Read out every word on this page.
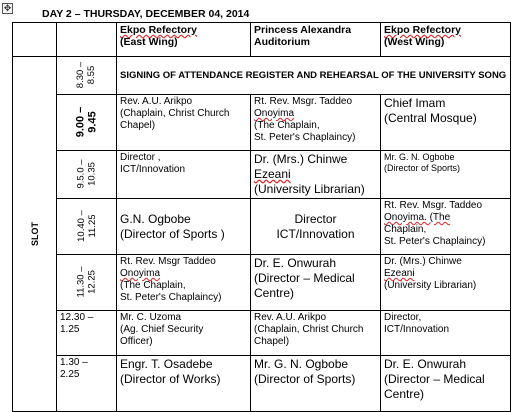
✥	DAY 2 – THURSDAY, DECEMBER 04, 2014

		Ekpo Refectory
(East Wing)	Princess Alexandra
Auditorium	Ekpo Refectory
(West Wing)

SLOT	8.30 – 8.55	SIGNING OF ATTENDANCE REGISTER AND REHEARSAL OF THE UNIVERSITY SONG		

	9.00 – 9.45	Rev. A.U. Arikpo
(Chaplain, Christ Church
Chapel)	Rt. Rev. Msgr. Taddeo
Onoyima
(The Chaplain,
St. Peter's Chaplaincy)	Chief Imam
(Central Mosque)

	9.5.0 – 10.35	Director ,
ICT/Innovation	Dr. (Mrs.) Chinwe
Ezeani
(University Librarian)	Mr. G. N. Ogbobe
(Director of Sports)

	10.40 – 11.25	G.N. Ogbobe
(Director of Sports )	Director
ICT/Innovation	Rt. Rev. Msgr. Taddeo
Onoyima. (The
Chaplain,
St. Peter's Chaplaincy)

	11.30 – 12.25	Rt. Rev. Msgr Taddeo
Onoyima
(The Chaplain,
St. Peter's Chaplaincy)	Dr. E. Onwurah
(Director – Medical
Centre)	Dr. (Mrs.) Chinwe
Ezeani
(University Librarian)

	12.30 –
1.25	Mr. C. Uzoma
(Ag. Chief Security
Officer)	Rev. A.U. Arikpo
(Chaplain, Christ Church
Chapel)	Director,
ICT/Innovation

	1.30 –
2.25	Engr. T. Osadebe
(Director of Works)	Mr. G. N. Ogbobe
(Director of Sports)	Dr. E. Onwurah
(Director – Medical
Centre)
